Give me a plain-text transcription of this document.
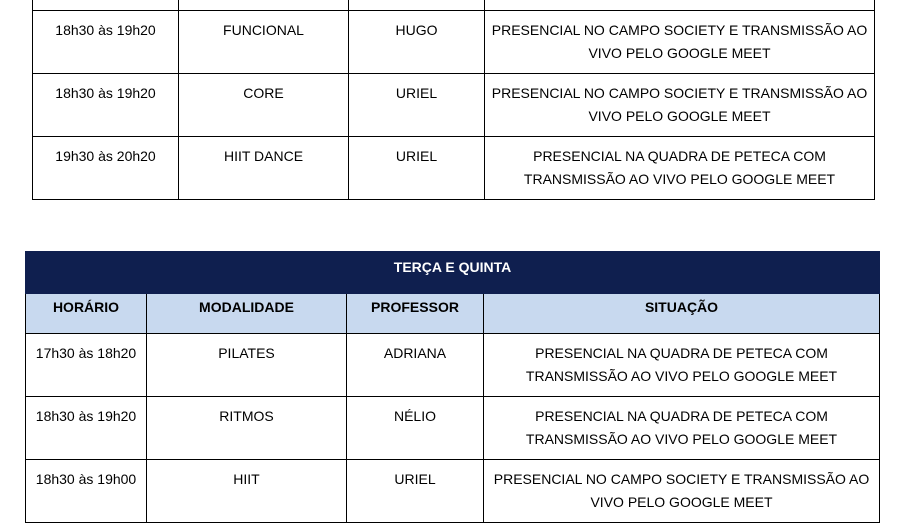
18h30 às 19h20	FUNCIONAL	HUGO	PRESENCIAL NO CAMPO SOCIETY E TRANSMISSÃO AO VIVO PELO GOOGLE MEET
18h30 às 19h20	CORE	URIEL	PRESENCIAL NO CAMPO SOCIETY E TRANSMISSÃO AO VIVO PELO GOOGLE MEET
19h30 às 20h20	HIIT DANCE	URIEL	PRESENCIAL NA QUADRA DE PETECA COM TRANSMISSÃO AO VIVO PELO GOOGLE MEET
TERÇA E QUINTA			
HORÁRIO	MODALIDADE	PROFESSOR	SITUAÇÃO
17h30 às 18h20	PILATES	ADRIANA	PRESENCIAL NA QUADRA DE PETECA COM TRANSMISSÃO AO VIVO PELO GOOGLE MEET
18h30 às 19h20	RITMOS	NÉLIO	PRESENCIAL NA QUADRA DE PETECA COM TRANSMISSÃO AO VIVO PELO GOOGLE MEET
18h30 às 19h00	HIIT	URIEL	PRESENCIAL NO CAMPO SOCIETY E TRANSMISSÃO AO VIVO PELO GOOGLE MEET
